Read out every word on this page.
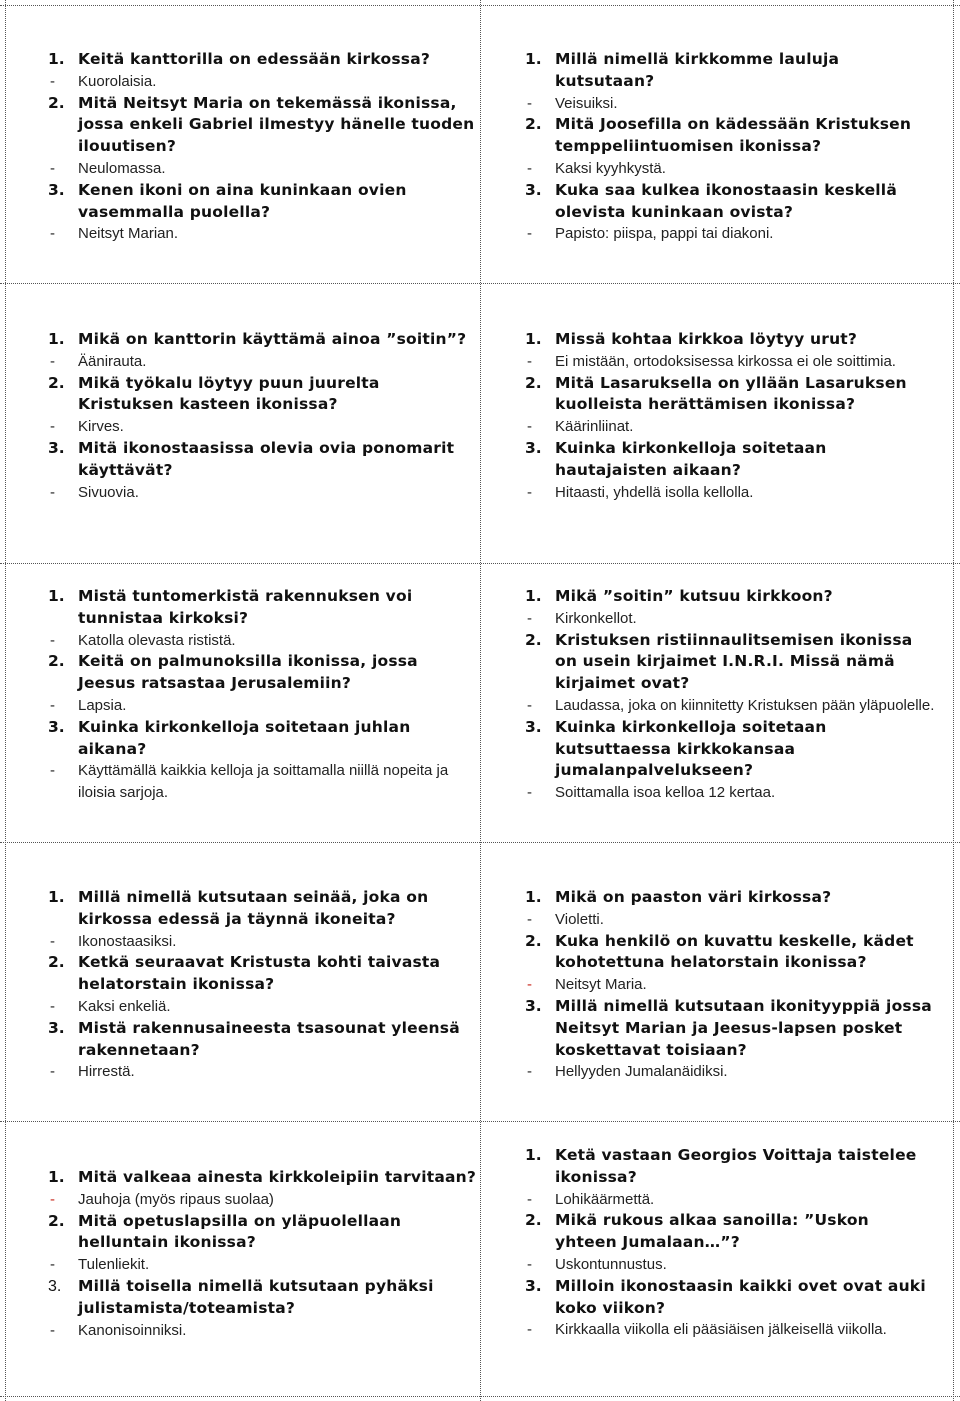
1. Keitä kanttorilla on edessään kirkossa?
-	Kuorolaisia.
2. Mitä Neitsyt Maria on tekemässä ikonissa, jossa enkeli Gabriel ilmestyy hänelle tuoden ilouutisen?
-	Neulomassa.
3. Kenen ikoni on aina kuninkaan ovien vasemmalla puolella?
-	Neitsyt Marian.
1. Millä nimellä kirkkomme lauluja kutsutaan?
-	Veisuiksi.
2. Mitä Joosefilla on kädessään Kristuksen temppeliintuomisen ikonissa?
-	Kaksi kyyhkystä.
3. Kuka saa kulkea ikonostaasin keskellä olevista kuninkaan ovista?
-	Papisto: piispa, pappi tai diakoni.
1. Mikä on kanttorin käyttämä ainoa ”soitin”?
-	Äänirauta.
2. Mikä työkalu löytyy puun juurelta Kristuksen kasteen ikonissa?
-	Kirves.
3. Mitä ikonostaasissa olevia ovia ponomarit käyttävät?
-	Sivuovia.
1. Missä kohtaa kirkkoa löytyy urut?
-	Ei mistään, ortodoksisessa kirkossa ei ole soittimia.
2. Mitä Lasaruksella on yllään Lasaruksen kuolleista herättämisen ikonissa?
-	Käärinliinat.
3. Kuinka kirkonkelloja soitetaan hautajaisten aikaan?
-	Hitaasti, yhdellä isolla kellolla.
1. Mistä tuntomerkistä rakennuksen voi tunnistaa kirkoksi?
-	Katolla olevasta rististä.
2. Keitä on palmunoksilla ikonissa, jossa Jeesus ratsastaa Jerusalemiin?
-	Lapsia.
3. Kuinka kirkonkelloja soitetaan juhlan aikana?
-	Käyttämällä kaikkia kelloja ja soittamalla niillä nopeita ja iloisia sarjoja.
1. Mikä ”soitin” kutsuu kirkkoon?
-	Kirkonkellot.
2. Kristuksen ristiinnaulitsemisen ikonissa on usein kirjaimet I.N.R.I. Missä nämä kirjaimet ovat?
-	Laudassa, joka on kiinnitetty Kristuksen pään yläpuolelle.
3. Kuinka kirkonkelloja soitetaan kutsuttaessa kirkkokansaa jumalanpalvelukseen?
-	Soittamalla isoa kelloa 12 kertaa.
1. Millä nimellä kutsutaan seinää, joka on kirkossa edessä ja täynnä ikoneita?
-	Ikonostaasiksi.
2. Ketkä seuraavat Kristusta kohti taivasta helatorstain ikonissa?
-	Kaksi enkeliä.
3. Mistä rakennusaineesta tsasounat yleensä rakennetaan?
-	Hirrestä.
1. Mikä on paaston väri kirkossa?
-	Violetti.
2. Kuka henkilö on kuvattu keskelle, kädet kohotettuna helatorstain ikonissa?
-	Neitsyt Maria.
3. Millä nimellä kutsutaan ikonityyppiä jossa Neitsyt Marian ja Jeesus-lapsen posket koskettavat toisiaan?
-	Hellyyden Jumalanäidiksi.
1. Mitä valkeaa ainesta kirkkoleipiin tarvitaan?
-	Jauhoja (myös ripaus suolaa)
2. Mitä opetuslapsilla on yläpuolellaan helluntain ikonissa?
-	Tulenliekit.
3.	Millä toisella nimellä kutsutaan pyhäksi julistamista/toteamista?
-	Kanonisoinniksi.
1. Ketä vastaan Georgios Voittaja taistelee ikonissa?
-	Lohikäärmettä.
2. Mikä rukous alkaa sanoilla: ”Uskon yhteen Jumalaan…”?
-	Uskontunnustus.
3. Milloin ikonostaasin kaikki ovet ovat auki koko viikon?
-	Kirkkaalla viikolla eli pääsiäisen jälkeisellä viikolla.
